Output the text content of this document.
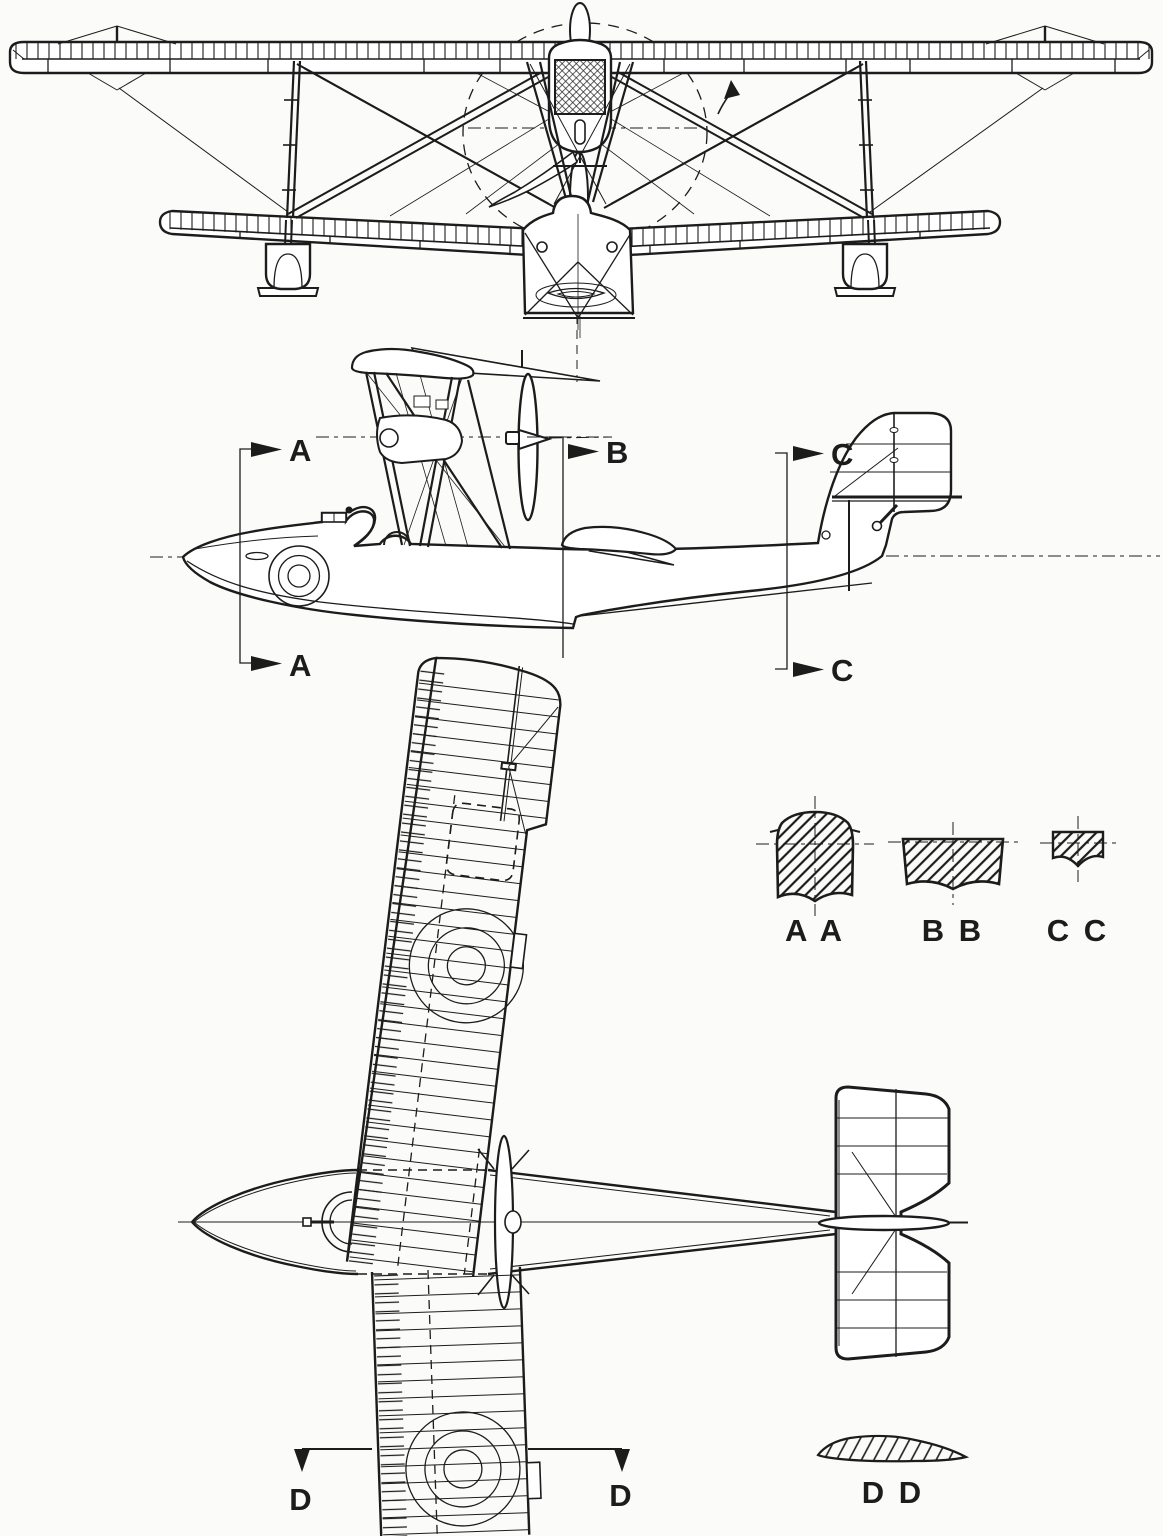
A
A
B	C
C
D	D
A A B B C C
D D
